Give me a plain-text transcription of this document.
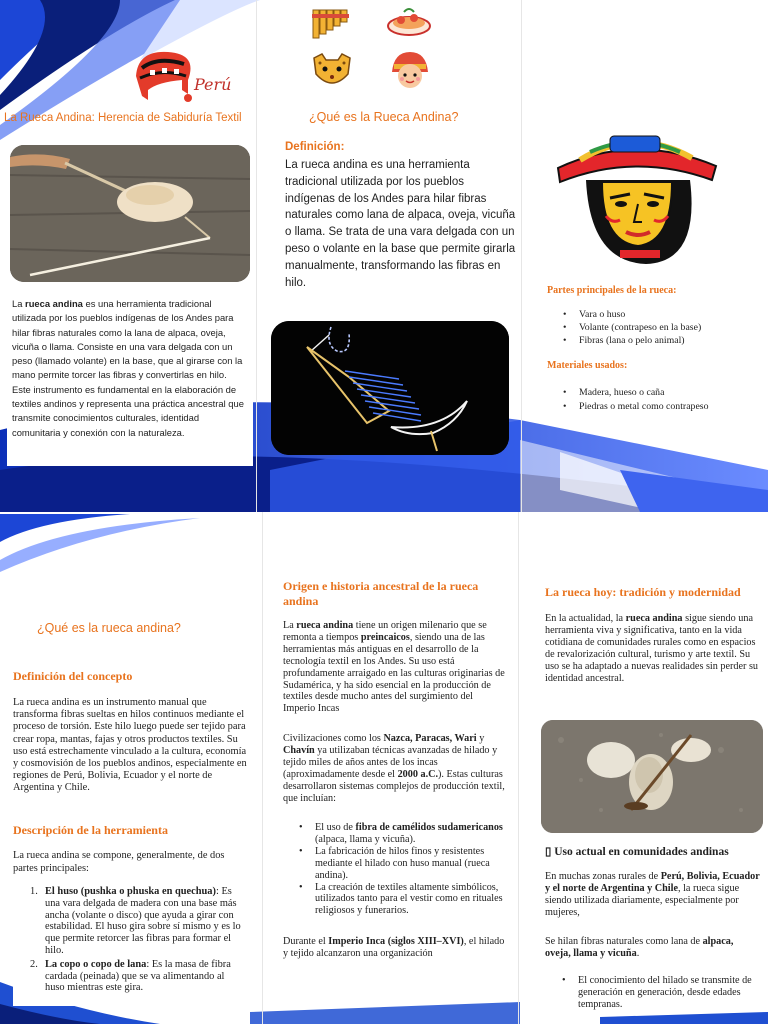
Perú
La Rueca Andina: Herencia de Sabiduría Textil
La rueca andina es una herramienta tradicional utilizada por los pueblos indígenas de los Andes para hilar fibras naturales como la lana de alpaca, oveja, vicuña o llama. Consiste en una vara delgada con un peso (llamado volante) en la base, que al girarse con la mano permite torcer las fibras y convertirlas en hilo. Este instrumento es fundamental en la elaboración de textiles andinos y representa una práctica ancestral que transmite conocimientos culturales, identidad comunitaria y conexión con la naturaleza.
¿Qué es la Rueca Andina?
Definición:
La rueca andina es una herramienta tradicional utilizada por los pueblos indígenas de los Andes para hilar fibras naturales como lana de alpaca, oveja, vicuña o llama. Se trata de una vara delgada con un peso o volante en la base que permite girarla manualmente, transformando las fibras en hilo.
Partes principales de la rueca:
• Vara o huso
• Volante (contrapeso en la base)
• Fibras (lana o pelo animal)
Materiales usados:
• Madera, hueso o caña
• Piedras o metal como contrapeso
¿Qué es la rueca andina?
Definición del concepto
La rueca andina es un instrumento manual que transforma fibras sueltas en hilos continuos mediante el proceso de torsión. Este hilo luego puede ser tejido para crear ropa, mantas, fajas y otros productos textiles. Su uso está estrechamente vinculado a la cultura, economía y cosmovisión de los pueblos andinos, especialmente en regiones de Perú, Bolivia, Ecuador y el norte de Argentina y Chile.
Descripción de la herramienta
La rueca andina se compone, generalmente, de dos partes principales:
1. El huso (pushka o phuska en quechua): Es una vara delgada de madera con una base más ancha (volante o disco) que ayuda a girar con estabilidad. El huso gira sobre sí mismo y es lo que permite retorcer las fibras para formar el hilo.
2. La copo o copo de lana: Es la masa de fibra cardada (peinada) que se va alimentando al huso mientras este gira.
Origen e historia ancestral de la rueca andina
La rueca andina tiene un origen milenario que se remonta a tiempos preincaicos, siendo una de las herramientas más antiguas en el desarrollo de la tecnología textil en los Andes. Su uso está profundamente arraigado en las culturas originarias de Sudamérica, y ha sido esencial en la producción de textiles desde mucho antes del surgimiento del Imperio Incas
Civilizaciones como los Nazca, Paracas, Wari y Chavín ya utilizaban técnicas avanzadas de hilado y tejido miles de años antes de los incas (aproximadamente desde el 2000 a.C.). Estas culturas desarrollaron sistemas complejos de producción textil, que incluían:
• El uso de fibra de camélidos sudamericanos (alpaca, llama y vicuña).
• La fabricación de hilos finos y resistentes mediante el hilado con huso manual (rueca andina).
• La creación de textiles altamente simbólicos, utilizados tanto para el vestir como en rituales religiosos y funerarios.
Durante el Imperio Inca (siglos XIII–XVI), el hilado y tejido alcanzaron una organización
La rueca hoy: tradición y modernidad
En la actualidad, la rueca andina sigue siendo una herramienta viva y significativa, tanto en la vida cotidiana de comunidades rurales como en espacios de revalorización cultural, turismo y arte textil. Su uso se ha adaptado a nuevas realidades sin perder su identidad ancestral.
▯ Uso actual en comunidades andinas
En muchas zonas rurales de Perú, Bolivia, Ecuador y el norte de Argentina y Chile, la rueca sigue siendo utilizada diariamente, especialmente por mujeres,
Se hilan fibras naturales como lana de alpaca, oveja, llama y vicuña.
• El conocimiento del hilado se transmite de generación en generación, desde edades tempranas.
